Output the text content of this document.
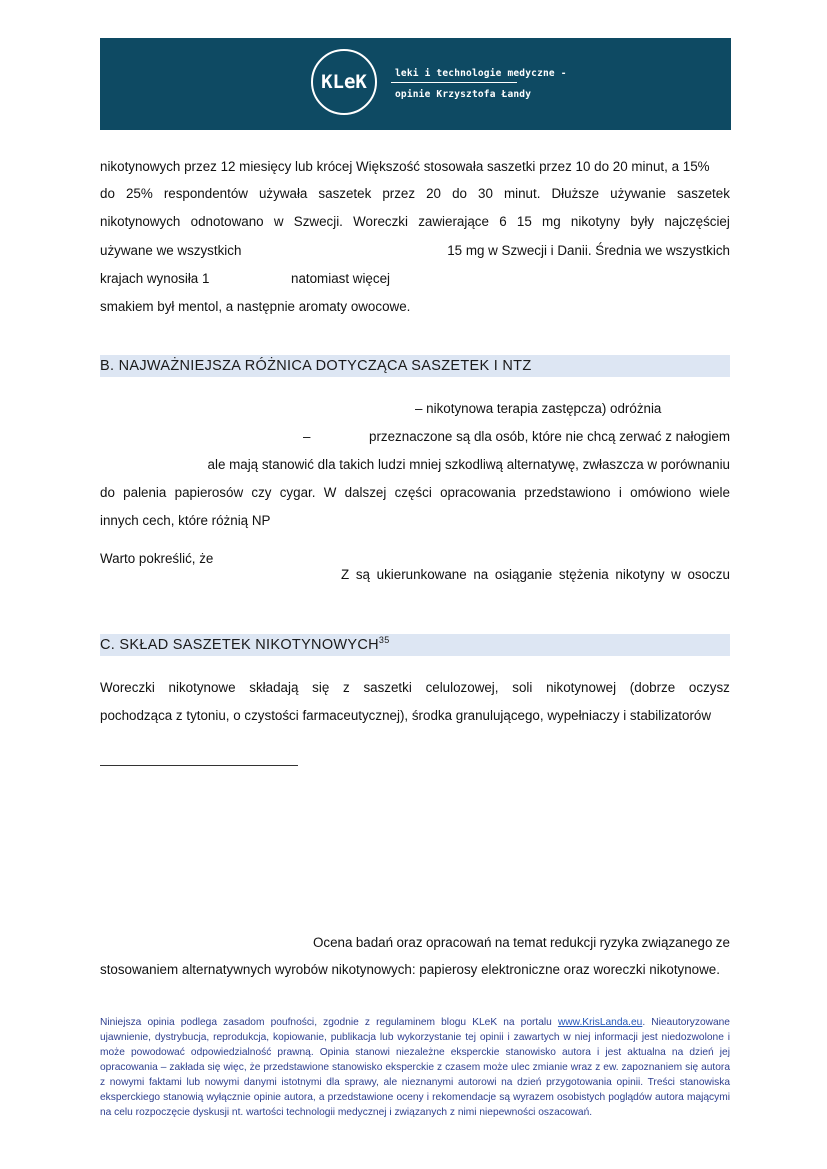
KLeK	leki i technologie medyczne -
opinie Krzysztofa Łandy
nikotynowych przez 12 miesięcy lub krócej Większość stosowała saszetki przez 10 do 20 minut, a 15%
do 25% respondentów używała saszetek przez 20 do 30 minut. Dłuższe używanie saszetek
nikotynowych odnotowano w Szwecji. Woreczki zawierające 6 15 mg nikotyny były najczęściej
używane we wszystkich	15 mg w Szwecji i Danii. Średnia we wszystkich
krajach wynosiła 1	natomiast więcej
smakiem był mentol, a następnie aromaty owocowe.
B. NAJWAŻNIEJSZA RÓŻNICA DOTYCZĄCA SASZETEK I NTZ
– nikotynowa terapia zastępcza) odróżnia
–	przeznaczone są dla osób, które nie chcą zerwać z nałogiem
ale mają stanowić dla takich ludzi mniej szkodliwą alternatywę, zwłaszcza w porównaniu
do palenia papierosów czy cygar. W dalszej części opracowania przedstawiono i omówiono wiele
innych cech, które różnią NP
Warto pokreślić, że
Z są ukierunkowane na osiąganie stężenia nikotyny w osoczu
C. SKŁAD SASZETEK NIKOTYNOWYCH$^{35}$
Woreczki nikotynowe składają się z saszetki celulozowej, soli nikotynowej (dobrze oczysz
pochodząca z tytoniu, o czystości farmaceutycznej), środka granulującego, wypełniaczy i stabilizatorów
Ocena badań oraz opracowań na temat redukcji ryzyka związanego ze
stosowaniem alternatywnych wyrobów nikotynowych: papierosy elektroniczne oraz woreczki nikotynowe.
Niniejsza opinia podlega zasadom poufności, zgodnie z regulaminem blogu KLeK na portalu www.KrisLanda.eu. Nieautoryzowane ujawnienie, dystrybucja, reprodukcja, kopiowanie, publikacja lub wykorzystanie tej opinii i zawartych w niej informacji jest niedozwolone i może powodować odpowiedzialność prawną. Opinia stanowi niezależne eksperckie stanowisko autora i jest aktualna na dzień jej opracowania – zakłada się więc, że przedstawione stanowisko eksperckie z czasem może ulec zmianie wraz z ew. zapoznaniem się autora z nowymi faktami lub nowymi danymi istotnymi dla sprawy, ale nieznanymi autorowi na dzień przygotowania opinii. Treści stanowiska eksperckiego stanowią wyłącznie opinie autora, a przedstawione oceny i rekomendacje są wyrazem osobistych poglądów autora mającymi na celu rozpoczęcie dyskusji nt. wartości technologii medycznej i związanych z nimi niepewności oszacowań.
